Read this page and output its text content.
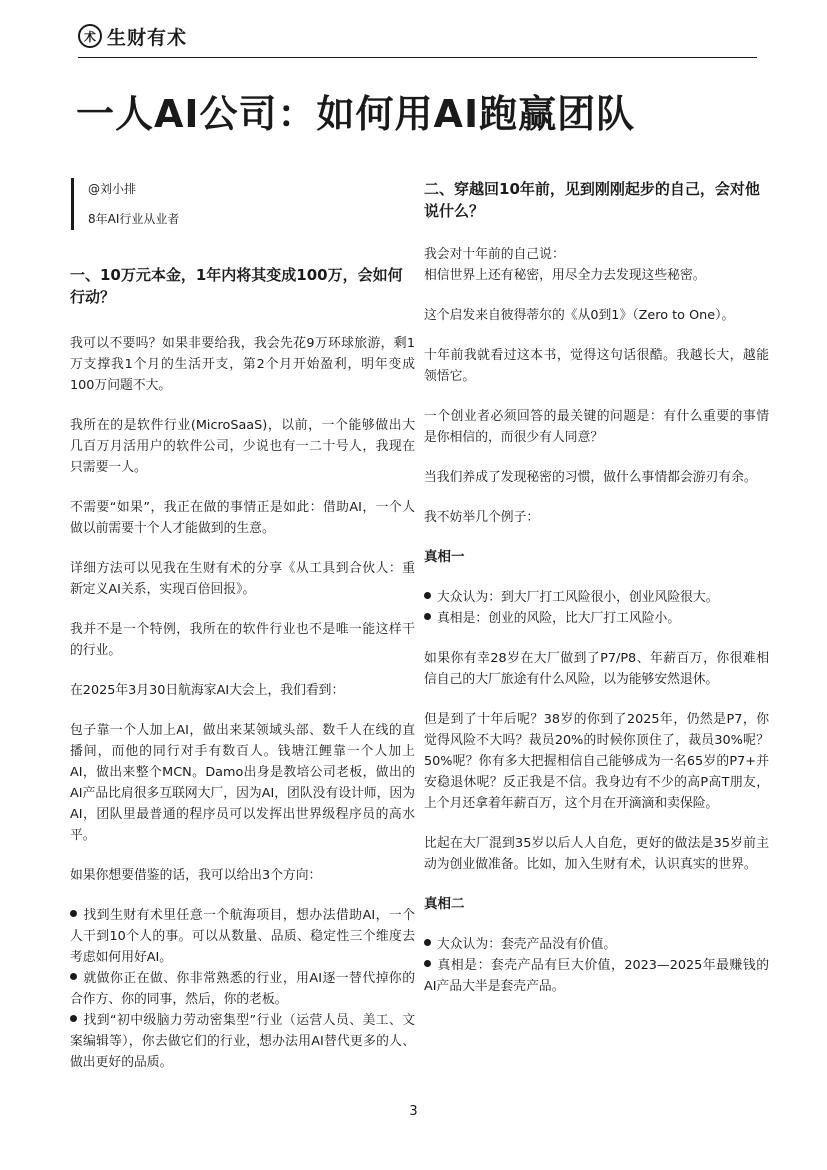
术 生财有术
一人AI公司：如何用AI跑赢团队

@刘小排

8年AI行业从业者

一、10万元本金，1年内将其变成100万，会如何行动？

我可以不要吗？如果非要给我，我会先花9万环球旅游，剩1万支撑我1个月的生活开支，第2个月开始盈利，明年变成100万问题不大。

我所在的是软件行业(MicroSaaS)，以前，一个能够做出大几百万月活用户的软件公司，少说也有一二十号人，我现在只需要一人。

不需要“如果”，我正在做的事情正是如此：借助AI，一个人做以前需要十个人才能做到的生意。

详细方法可以见我在生财有术的分享《从工具到合伙人：重新定义AI关系，实现百倍回报》。

我并不是一个特例，我所在的软件行业也不是唯一能这样干的行业。

在2025年3月30日航海家AI大会上，我们看到：

包子靠一个人加上AI，做出来某领域头部、数千人在线的直播间，而他的同行对手有数百人。钱塘江鲤靠一个人加上AI，做出来整个MCN。Damo出身是教培公司老板，做出的AI产品比肩很多互联网大厂，因为AI，团队没有设计师，因为AI，团队里最普通的程序员可以发挥出世界级程序员的高水平。

如果你想要借鉴的话，我可以给出3个方向：

找到生财有术里任意一个航海项目，想办法借助AI，一个人干到10个人的事。可以从数量、品质、稳定性三个维度去考虑如何用好AI。
就做你正在做、你非常熟悉的行业，用AI逐一替代掉你的合作方、你的同事，然后，你的老板。
找到“初中级脑力劳动密集型”行业（运营人员、美工、文案编辑等），你去做它们的行业，想办法用AI替代更多的人、做出更好的品质。
二、穿越回10年前，见到刚刚起步的自己，会对他说什么？

我会对十年前的自己说：

相信世界上还有秘密，用尽全力去发现这些秘密。

这个启发来自彼得蒂尔的《从0到1》（Zero to One）。

十年前我就看过这本书，觉得这句话很酷。我越长大，越能领悟它。

一个创业者必须回答的最关键的问题是：有什么重要的事情是你相信的，而很少有人同意？

当我们养成了发现秘密的习惯，做什么事情都会游刃有余。

我不妨举几个例子：

真相一
大众认为：到大厂打工风险很小，创业风险很大。
真相是：创业的风险，比大厂打工风险小。

如果你有幸28岁在大厂做到了P7/P8、年薪百万，你很难相信自己的大厂旅途有什么风险，以为能够安然退休。

但是到了十年后呢？38岁的你到了2025年，仍然是P7，你觉得风险不大吗？裁员20%的时候你顶住了，裁员30%呢？50%呢？你有多大把握相信自己能够成为一名65岁的P7+并安稳退休呢？反正我是不信。我身边有不少的高P高T朋友，上个月还拿着年薪百万，这个月在开滴滴和卖保险。

比起在大厂混到35岁以后人人自危，更好的做法是35岁前主动为创业做准备。比如，加入生财有术，认识真实的世界。

真相二
大众认为：套壳产品没有价值。
真相是：套壳产品有巨大价值，2023—2025年最赚钱的AI产品大半是套壳产品。
3
